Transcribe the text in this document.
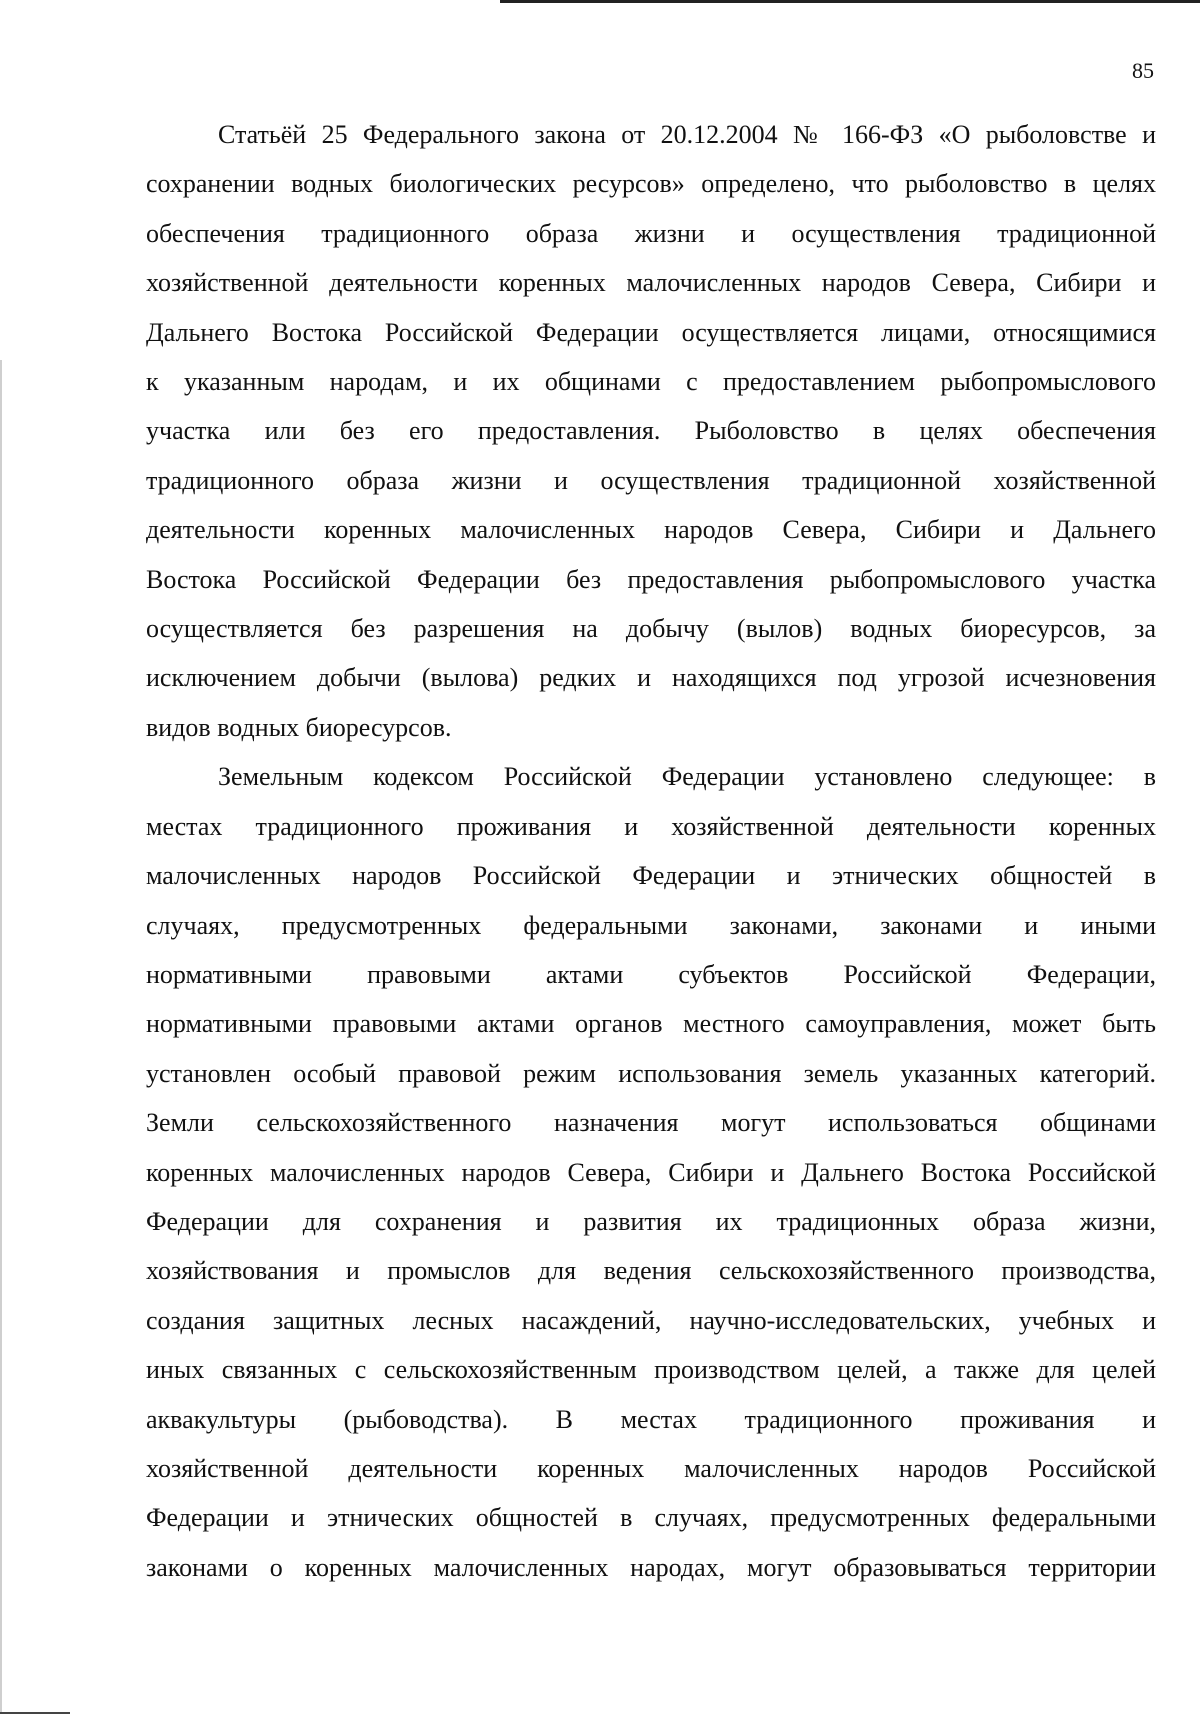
85

Статьёй 25 Федерального закона от 20.12.2004 № 166-ФЗ «О рыболовстве и
сохранении водных биологических ресурсов» определено, что рыболовство в целях
обеспечения традиционного образа жизни и осуществления традиционной
хозяйственной деятельности коренных малочисленных народов Севера, Сибири и
Дальнего Востока Российской Федерации осуществляется лицами, относящимися
к указанным народам, и их общинами с предоставлением рыбопромыслового
участка или без его предоставления. Рыболовство в целях обеспечения
традиционного образа жизни и осуществления традиционной хозяйственной
деятельности коренных малочисленных народов Севера, Сибири и Дальнего
Востока Российской Федерации без предоставления рыбопромыслового участка
осуществляется без разрешения на добычу (вылов) водных биоресурсов, за
исключением добычи (вылова) редких и находящихся под угрозой исчезновения
видов водных биоресурсов.

Земельным кодексом Российской Федерации установлено следующее: в
местах традиционного проживания и хозяйственной деятельности коренных
малочисленных народов Российской Федерации и этнических общностей в
случаях, предусмотренных федеральными законами, законами и иными
нормативными правовыми актами субъектов Российской Федерации,
нормативными правовыми актами органов местного самоуправления, может быть
установлен особый правовой режим использования земель указанных категорий.
Земли сельскохозяйственного назначения могут использоваться общинами
коренных малочисленных народов Севера, Сибири и Дальнего Востока Российской
Федерации для сохранения и развития их традиционных образа жизни,
хозяйствования и промыслов для ведения сельскохозяйственного производства,
создания защитных лесных насаждений, научно-исследовательских, учебных и
иных связанных с сельскохозяйственным производством целей, а также для целей
аквакультуры (рыбоводства). В местах традиционного проживания и
хозяйственной деятельности коренных малочисленных народов Российской
Федерации и этнических общностей в случаях, предусмотренных федеральными
законами о коренных малочисленных народах, могут образовываться территории
